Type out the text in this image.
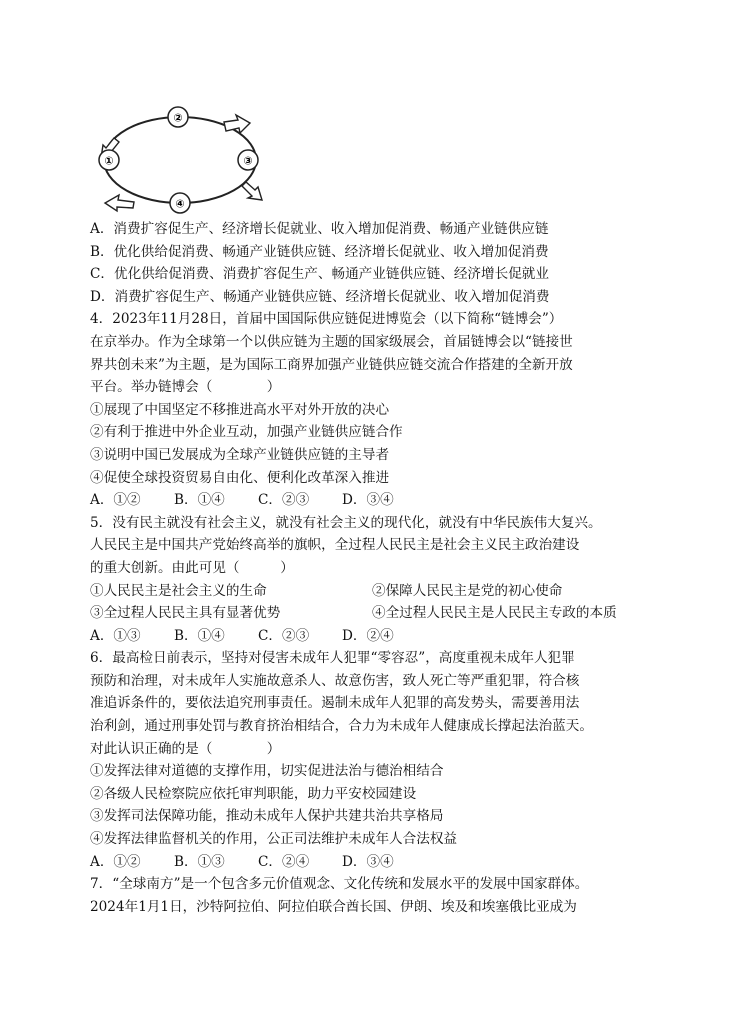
①
②
③
④
A．消费扩容促生产、经济增长促就业、收入增加促消费、畅通产业链供应链
B．优化供给促消费、畅通产业链供应链、经济增长促就业、收入增加促消费
C．优化供给促消费、消费扩容促生产、畅通产业链供应链、经济增长促就业
D．消费扩容促生产、畅通产业链供应链、经济增长促就业、收入增加促消费
4．2023年11月28日，首届中国国际供应链促进博览会（以下简称“链博会”）
在京举办。作为全球第一个以供应链为主题的国家级展会，首届链博会以“链接世
界共创未来”为主题，是为国际工商界加强产业链供应链交流合作搭建的全新开放
平台。举办链博会（　　　　）
①展现了中国坚定不移推进高水平对外开放的决心
②有利于推进中外企业互动，加强产业链供应链合作
③说明中国已发展成为全球产业链供应链的主导者
④促使全球投资贸易自由化、便利化改革深入推进
A．①②	B．①④	C．②③	D．③④
5．没有民主就没有社会主义，就没有社会主义的现代化，就没有中华民族伟大复兴。
人民民主是中国共产党始终高举的旗帜，全过程人民民主是社会主义民主政治建设
的重大创新。由此可见（　　　）
①人民民主是社会主义的生命	②保障人民民主是党的初心使命
③全过程人民民主具有显著优势	④全过程人民民主是人民民主专政的本质
A．①③	B．①④	C．②③	D．②④
6．最高检日前表示，坚持对侵害未成年人犯罪“零容忍”，高度重视未成年人犯罪
预防和治理，对未成年人实施故意杀人、故意伤害，致人死亡等严重犯罪，符合核
准追诉条件的，要依法追究刑事责任。遏制未成年人犯罪的高发势头，需要善用法
治利剑，通过刑事处罚与教育挤治相结合，合力为未成年人健康成长撑起法治蓝天。
对此认识正确的是（　　　　）
①发挥法律对道德的支撑作用，切实促进法治与德治相结合
②各级人民检察院应依托审判职能，助力平安校园建设
③发挥司法保障功能，推动未成年人保护共建共治共享格局
④发挥法律监督机关的作用，公正司法维护未成年人合法权益
A．①②	B．①③	C．②④	D．③④
7．“全球南方”是一个包含多元价值观念、文化传统和发展水平的发展中国家群体。
2024年1月1日，沙特阿拉伯、阿拉伯联合酋长国、伊朗、埃及和埃塞俄比亚成为
